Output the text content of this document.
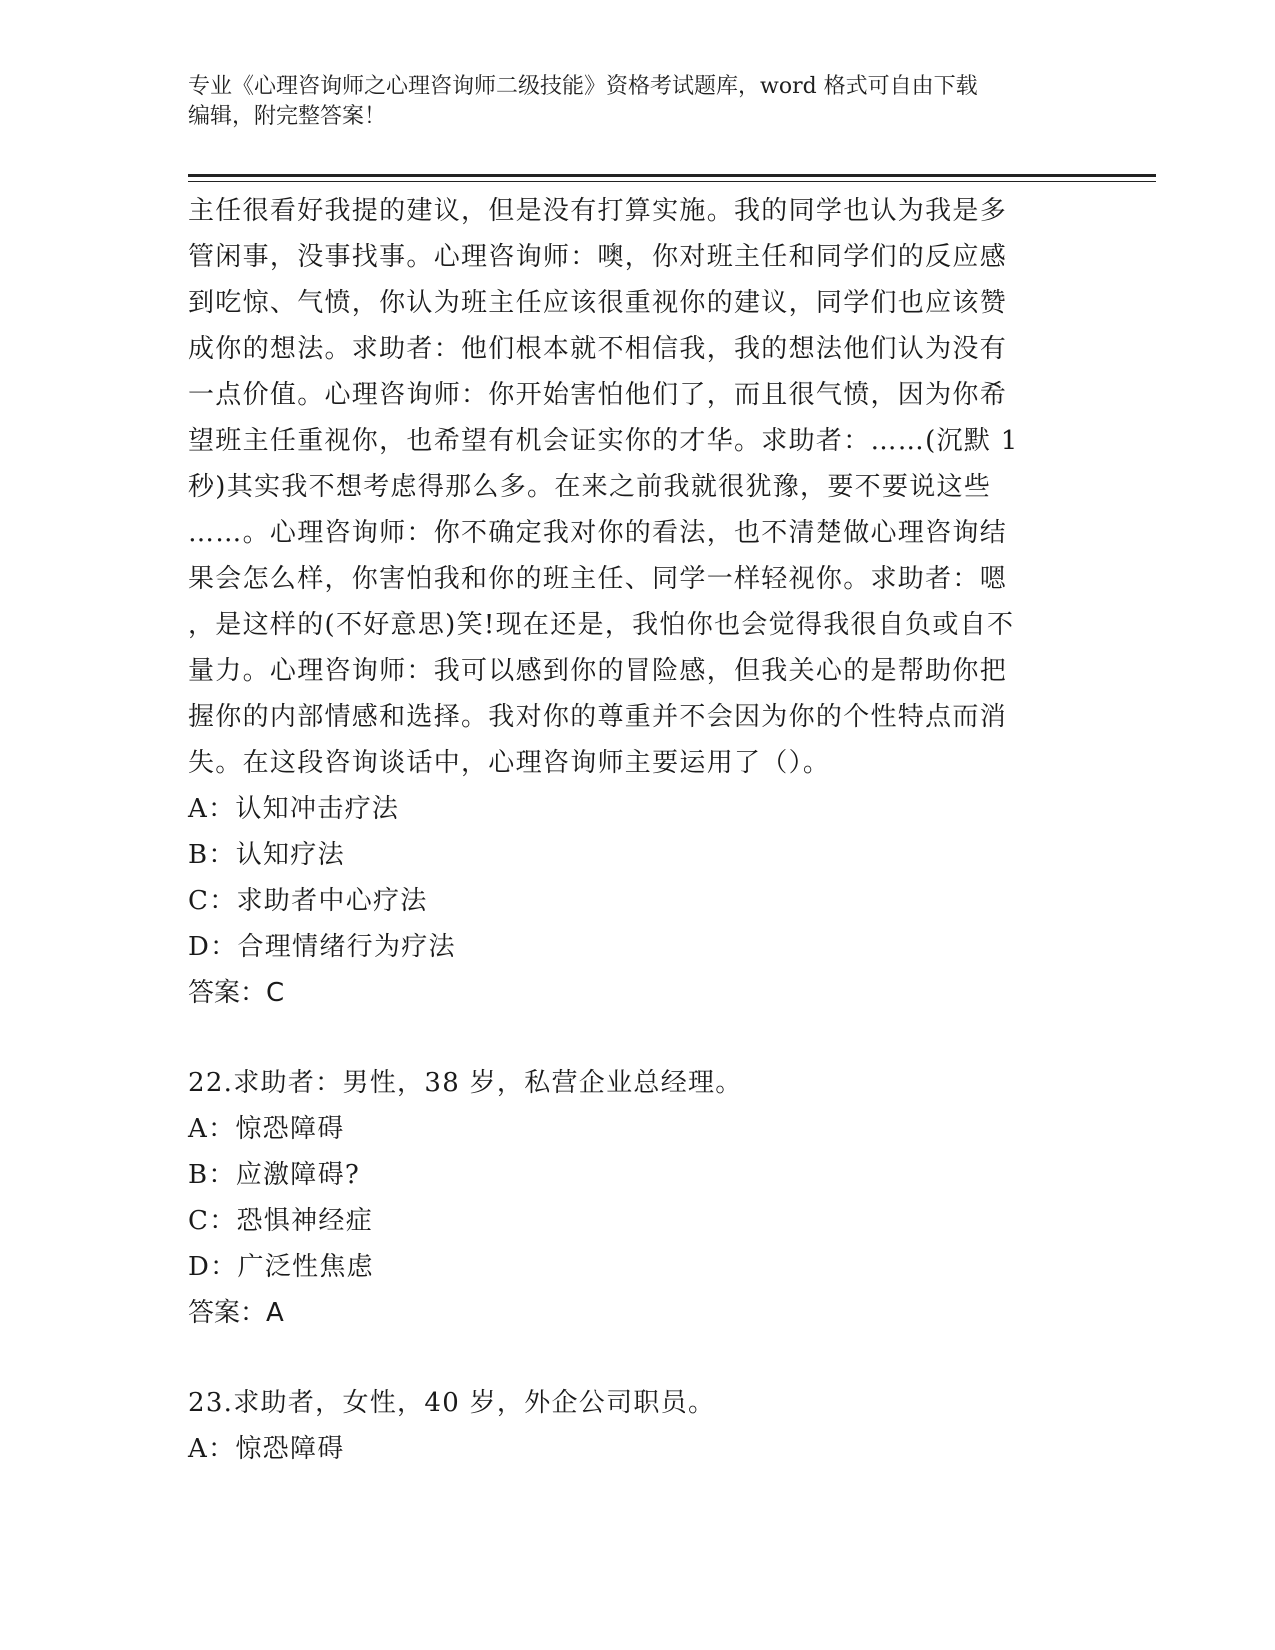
专业《心理咨询师之心理咨询师二级技能》资格考试题库，word 格式可自由下载
编辑，附完整答案！
主任很看好我提的建议，但是没有打算实施。我的同学也认为我是多
管闲事，没事找事。心理咨询师：噢，你对班主任和同学们的反应感
到吃惊、气愤，你认为班主任应该很重视你的建议，同学们也应该赞
成你的想法。求助者：他们根本就不相信我，我的想法他们认为没有
一点价值。心理咨询师：你开始害怕他们了，而且很气愤，因为你希
望班主任重视你，也希望有机会证实你的才华。求助者：……(沉默 1
秒)其实我不想考虑得那么多。在来之前我就很犹豫，要不要说这些
……。心理咨询师：你不确定我对你的看法，也不清楚做心理咨询结
果会怎么样，你害怕我和你的班主任、同学一样轻视你。求助者：嗯
，是这样的(不好意思)笑!现在还是，我怕你也会觉得我很自负或自不
量力。心理咨询师：我可以感到你的冒险感，但我关心的是帮助你把
握你的内部情感和选择。我对你的尊重并不会因为你的个性特点而消
失。在这段咨询谈话中，心理咨询师主要运用了（）。
A：认知冲击疗法
B：认知疗法
C：求助者中心疗法
D：合理情绪行为疗法
答案：C
22.求助者：男性，38 岁，私营企业总经理。
A：惊恐障碍
B：应激障碍?
C：恐惧神经症
D：广泛性焦虑
答案：A
23.求助者，女性，40 岁，外企公司职员。
A：惊恐障碍
